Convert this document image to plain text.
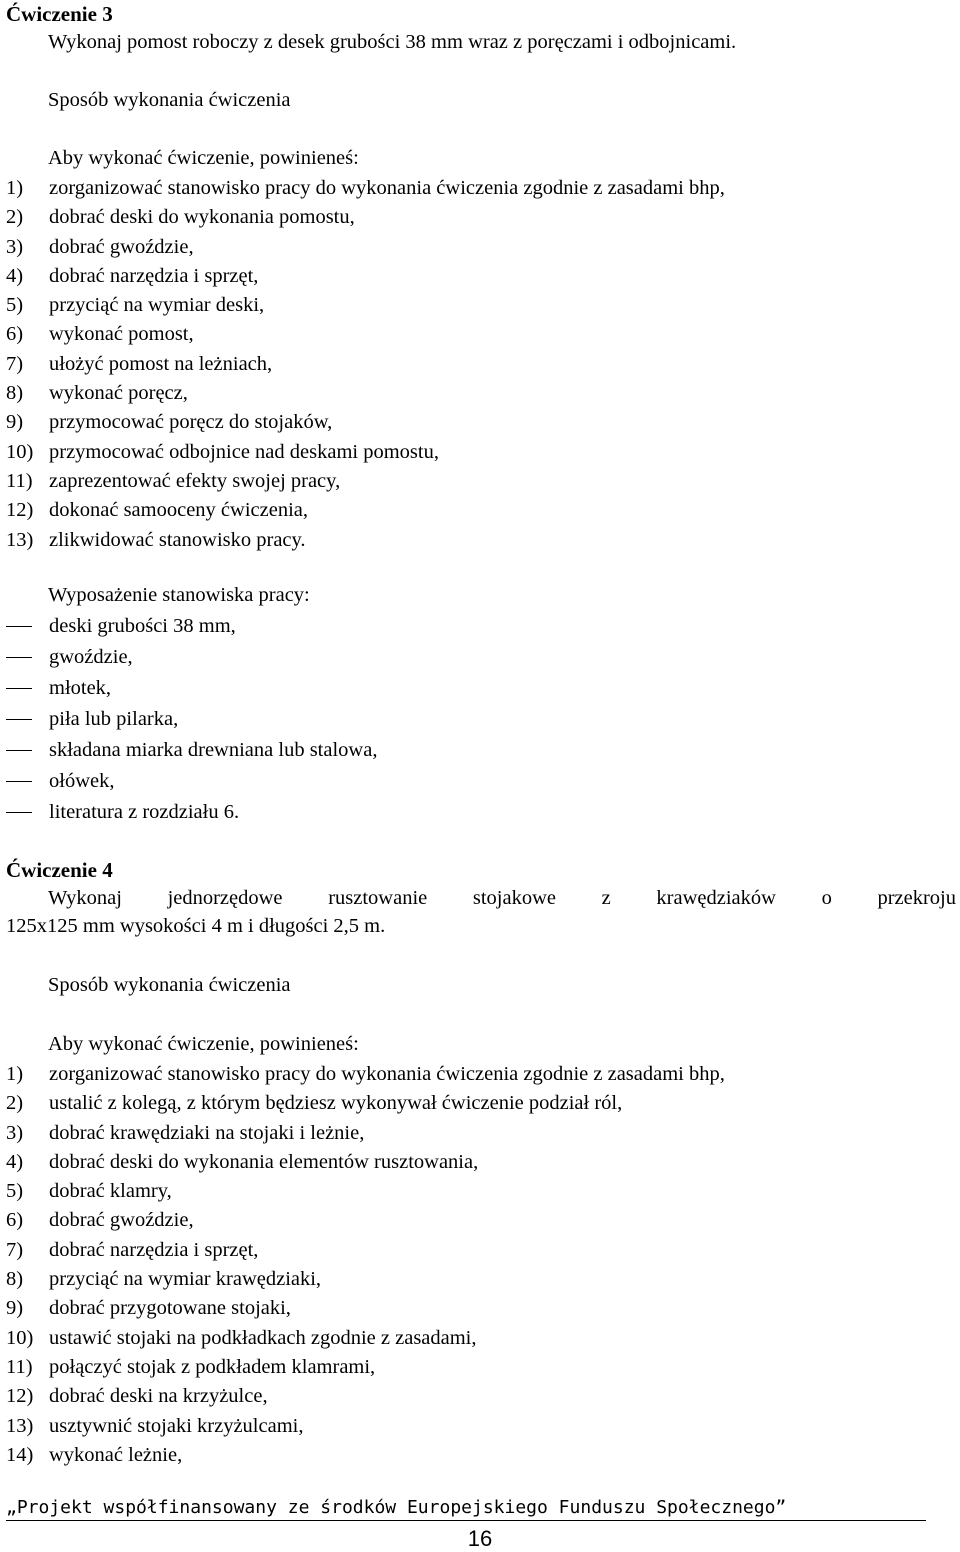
Ćwiczenie 3
Wykonaj pomost roboczy z desek grubości 38 mm wraz z poręczami i odbojnicami.
Sposób wykonania ćwiczenia
Aby wykonać ćwiczenie, powinieneś:
1) zorganizować stanowisko pracy do wykonania ćwiczenia zgodnie z zasadami bhp,
2) dobrać deski do wykonania pomostu,
3) dobrać gwoździe,
4) dobrać narzędzia i sprzęt,
5) przyciąć na wymiar deski,
6) wykonać pomost,
7) ułożyć pomost na leżniach,
8) wykonać poręcz,
9) przymocować poręcz do stojaków,
10) przymocować odbojnice nad deskami pomostu,
11) zaprezentować efekty swojej pracy,
12) dokonać samooceny ćwiczenia,
13) zlikwidować stanowisko pracy.
Wyposażenie stanowiska pracy:
deski grubości 38 mm,
gwoździe,
młotek,
piła lub pilarka,
składana miarka drewniana lub stalowa,
ołówek,
literatura z rozdziału 6.
Ćwiczenie 4
Wykonaj jednorzędowe rusztowanie stojakowe z krawędziaków o przekroju
125x125 mm wysokości 4 m i długości 2,5 m.
Sposób wykonania ćwiczenia
Aby wykonać ćwiczenie, powinieneś:
1) zorganizować stanowisko pracy do wykonania ćwiczenia zgodnie z zasadami bhp,
2) ustalić z kolegą, z którym będziesz wykonywał ćwiczenie podział ról,
3) dobrać krawędziaki na stojaki i leżnie,
4) dobrać deski do wykonania elementów rusztowania,
5) dobrać klamry,
6) dobrać gwoździe,
7) dobrać narzędzia i sprzęt,
8) przyciąć na wymiar krawędziaki,
9) dobrać przygotowane stojaki,
10) ustawić stojaki na podkładkach zgodnie z zasadami,
11) połączyć stojak z podkładem klamrami,
12) dobrać deski na krzyżulce,
13) usztywnić stojaki krzyżulcami,
14) wykonać leżnie,
„Projekt współfinansowany ze środków Europejskiego Funduszu Społecznego”
16
